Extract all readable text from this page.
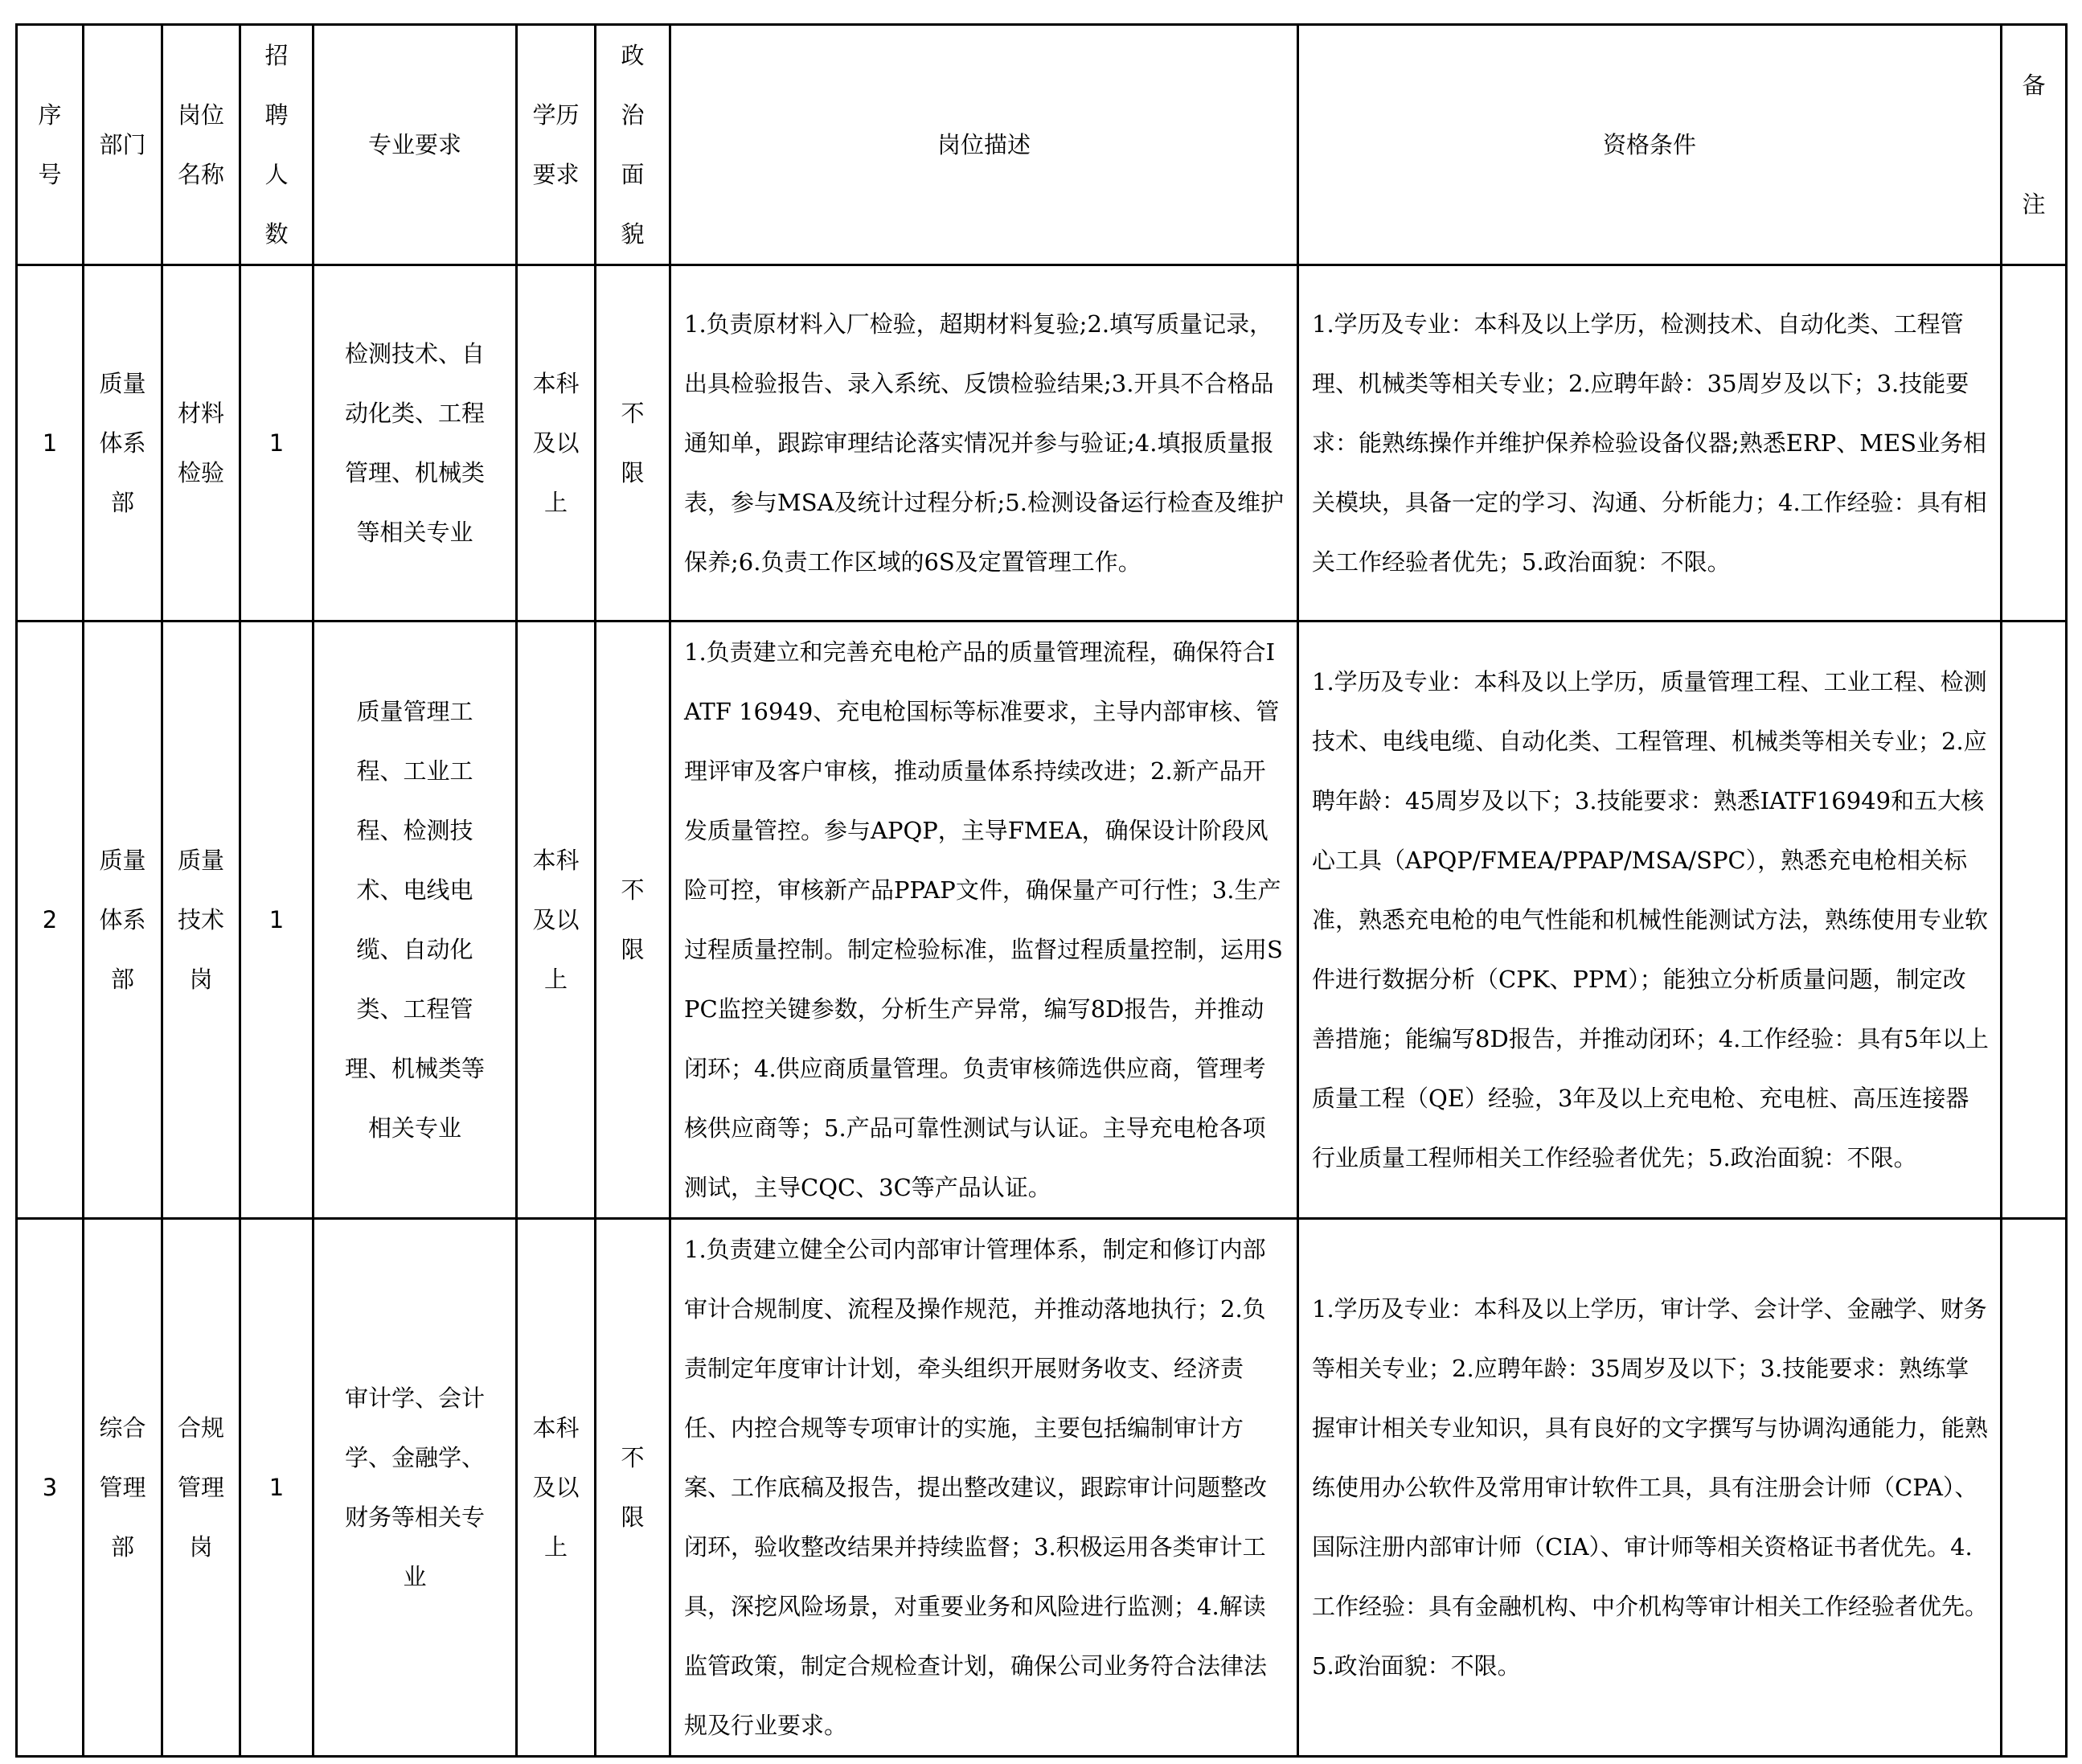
序号	部门	岗位名称	招聘人数	专业要求	学历要求	政治面貌	岗位描述	资格条件	备注
1	质量体系部	材料检验	1	检测技术、自动化类、工程管理、机械类等相关专业	本科及以上	不限	1.负责原材料入厂检验，超期材料复验;2.填写质量记录，出具检验报告、录入系统、反馈检验结果;3.开具不合格品通知单，跟踪审理结论落实情况并参与验证;4.填报质量报表，参与MSA及统计过程分析;5.检测设备运行检查及维护保养;6.负责工作区域的6S及定置管理工作。	1.学历及专业：本科及以上学历，检测技术、自动化类、工程管理、机械类等相关专业；2.应聘年龄：35周岁及以下；3.技能要求：能熟练操作并维护保养检验设备仪器;熟悉ERP、MES业务相关模块，具备一定的学习、沟通、分析能力；4.工作经验：具有相关工作经验者优先；5.政治面貌：不限。	
2	质量体系部	质量技术岗	1	质量管理工程、工业工程、检测技术、电线电缆、自动化类、工程管理、机械类等相关专业	本科及以上	不限	1.负责建立和完善充电枪产品的质量管理流程，确保符合IATF 16949、充电枪国标等标准要求，主导内部审核、管理评审及客户审核，推动质量体系持续改进；2.新产品开发质量管控。参与APQP，主导FMEA，确保设计阶段风险可控，审核新产品PPAP文件，确保量产可行性；3.生产过程质量控制。制定检验标准，监督过程质量控制，运用SPC监控关键参数，分析生产异常，编写8D报告，并推动闭环；4.供应商质量管理。负责审核筛选供应商，管理考核供应商等；5.产品可靠性测试与认证。主导充电枪各项测试，主导CQC、3C等产品认证。	1.学历及专业：本科及以上学历，质量管理工程、工业工程、检测技术、电线电缆、自动化类、工程管理、机械类等相关专业；2.应聘年龄：45周岁及以下；3.技能要求：熟悉IATF16949和五大核心工具（APQP/FMEA/PPAP/MSA/SPC），熟悉充电枪相关标准，熟悉充电枪的电气性能和机械性能测试方法，熟练使用专业软件进行数据分析（CPK、PPM）；能独立分析质量问题，制定改善措施；能编写8D报告，并推动闭环；4.工作经验：具有5年以上质量工程（QE）经验，3年及以上充电枪、充电桩、高压连接器行业质量工程师相关工作经验者优先；5.政治面貌：不限。	
3	综合管理部	合规管理岗	1	审计学、会计学、金融学、财务等相关专业	本科及以上	不限	1.负责建立健全公司内部审计管理体系，制定和修订内部审计合规制度、流程及操作规范，并推动落地执行；2.负责制定年度审计计划，牵头组织开展财务收支、经济责任、内控合规等专项审计的实施，主要包括编制审计方案、工作底稿及报告，提出整改建议，跟踪审计问题整改闭环，验收整改结果并持续监督；3.积极运用各类审计工具，深挖风险场景，对重要业务和风险进行监测；4.解读监管政策，制定合规检查计划，确保公司业务符合法律法规及行业要求。	1.学历及专业：本科及以上学历，审计学、会计学、金融学、财务等相关专业；2.应聘年龄：35周岁及以下；3.技能要求：熟练掌握审计相关专业知识，具有良好的文字撰写与协调沟通能力，能熟练使用办公软件及常用审计软件工具，具有注册会计师（CPA）、国际注册内部审计师（CIA）、审计师等相关资格证书者优先。4.工作经验：具有金融机构、中介机构等审计相关工作经验者优先。5.政治面貌：不限。	
